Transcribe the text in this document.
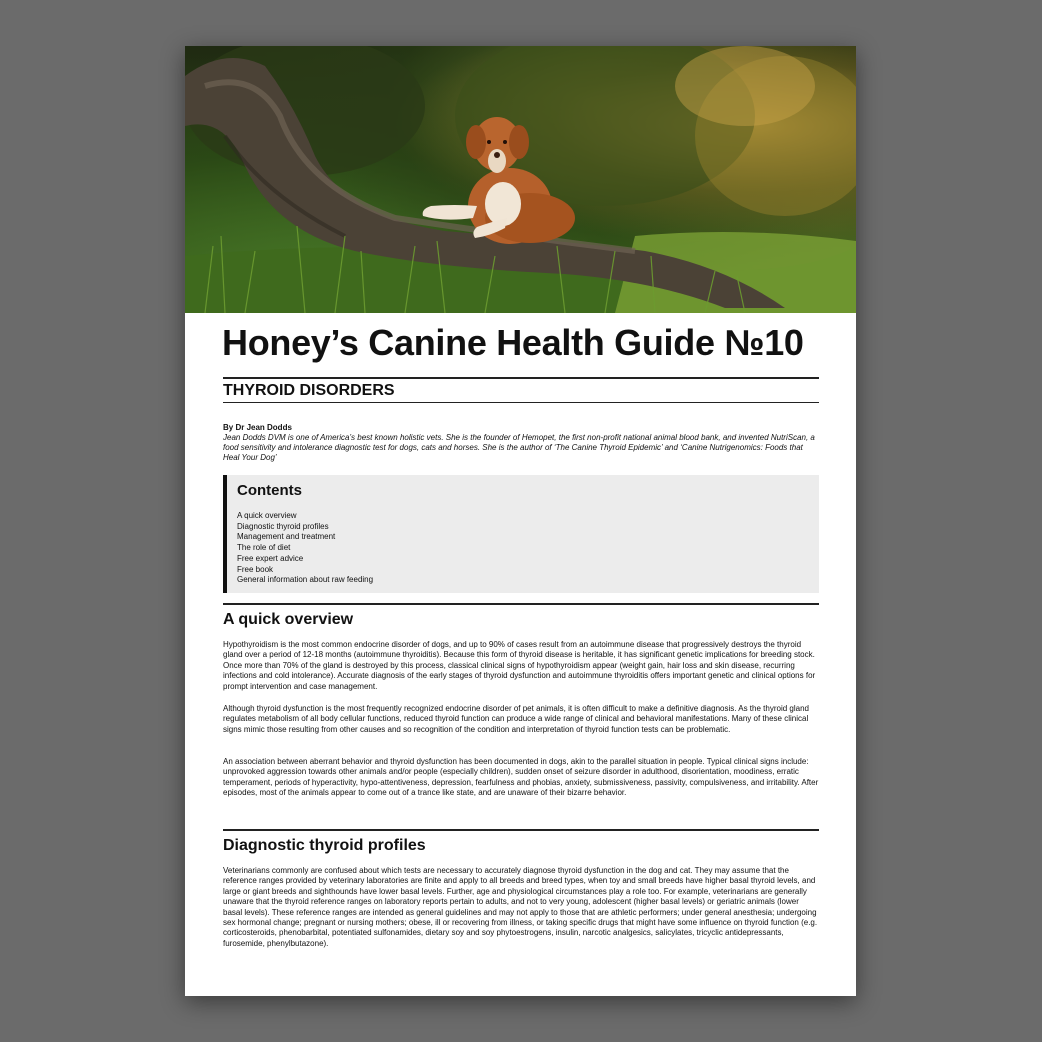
Honey’s Canine Health Guide №10
THYROID DISORDERS
By Dr Jean Dodds
Jean Dodds DVM is one of America’s best known holistic vets. She is the founder of Hemopet, the first non-profit national animal blood bank, and invented NutriScan, a food sensitivity and intolerance diagnostic test for dogs, cats and horses. She is the author of ‘The Canine Thyroid Epidemic’ and ‘Canine Nutrigenomics: Foods that Heal Your Dog’
Contents
A quick overview
Diagnostic thyroid profiles
Management and treatment
The role of diet
Free expert advice
Free book
General information about raw feeding
A quick overview

Hypothyroidism is the most common endocrine disorder of dogs, and up to 90% of cases result from an autoimmune disease that progressively destroys the thyroid gland over a period of 12-18 months (autoimmune thyroiditis). Because this form of thyroid disease is heritable, it has significant genetic implications for breeding stock. Once more than 70% of the gland is destroyed by this process, classical clinical signs of hypothyroidism appear (weight gain, hair loss and skin disease, recurring infections and cold intolerance). Accurate diagnosis of the early stages of thyroid dysfunction and autoimmune thyroiditis offers important genetic and clinical options for prompt intervention and case management.

Although thyroid dysfunction is the most frequently recognized endocrine disorder of pet animals, it is often difficult to make a definitive diagnosis. As the thyroid gland regulates metabolism of all body cellular functions, reduced thyroid function can produce a wide range of clinical and behavioral manifestations. Many of these clinical signs mimic those resulting from other causes and so recognition of the condition and interpretation of thyroid function tests can be problematic.

An association between aberrant behavior and thyroid dysfunction has been documented in dogs, akin to the parallel situation in people. Typical clinical signs include: unprovoked aggression towards other animals and/or people (especially children), sudden onset of seizure disorder in adulthood, disorientation, moodiness, erratic temperament, periods of hyperactivity, hypo-attentiveness, depression, fearfulness and phobias, anxiety, submissiveness, passivity, compulsiveness, and irritability. After episodes, most of the animals appear to come out of a trance like state, and are unaware of their bizarre behavior.

Diagnostic thyroid profiles

Veterinarians commonly are confused about which tests are necessary to accurately diagnose thyroid dysfunction in the dog and cat. They may assume that the reference ranges provided by veterinary laboratories are finite and apply to all breeds and breed types, when toy and small breeds have higher basal thyroid levels, and large or giant breeds and sighthounds have lower basal levels. Further, age and physiological circumstances play a role too. For example, veterinarians are generally unaware that the thyroid reference ranges on laboratory reports pertain to adults, and not to very young, adolescent (higher basal levels) or geriatric animals (lower basal levels). These reference ranges are intended as general guidelines and may not apply to those that are athletic performers; under general anesthesia; undergoing sex hormonal change; pregnant or nursing mothers; obese, ill or recovering from illness, or taking specific drugs that might have some influence on thyroid function (e.g. corticosteroids, phenobarbital, potentiated sulfonamides, dietary soy and soy phytoestrogens, insulin, narcotic analgesics, salicylates, tricyclic antidepressants, furosemide, phenylbutazone).
